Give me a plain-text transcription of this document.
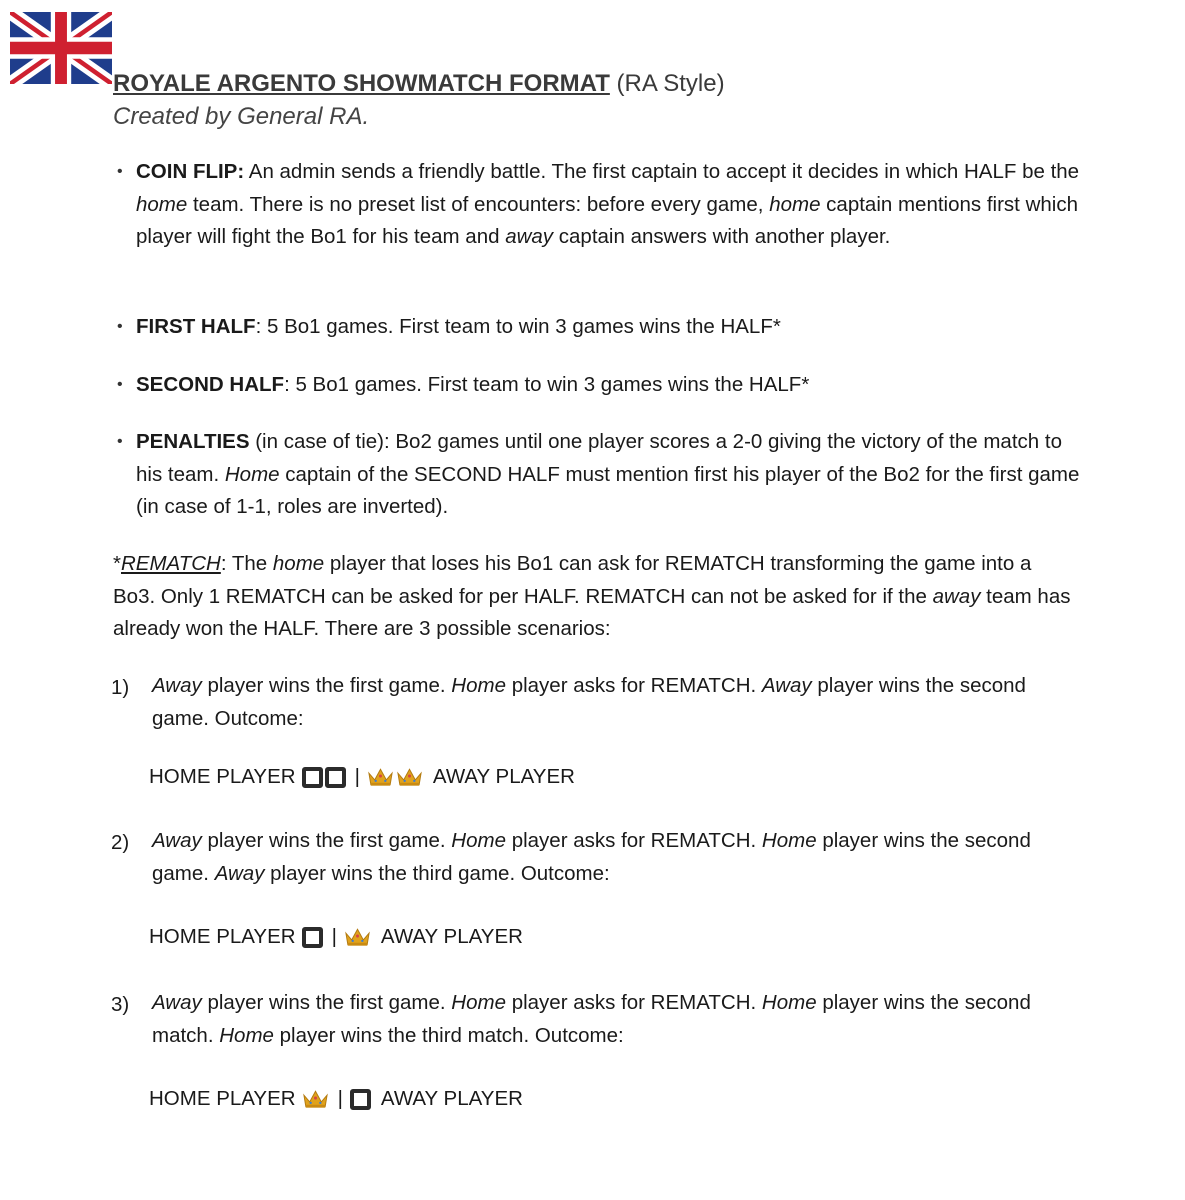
ROYALE ARGENTO SHOWMATCH FORMAT (RA Style)
Created by General RA.
• COIN FLIP: An admin sends a friendly battle. The first captain to accept it decides in which HALF be the home team. There is no preset list of encounters: before every game, home captain mentions first which player will fight the Bo1 for his team and away captain answers with another player.
• FIRST HALF: 5 Bo1 games. First team to win 3 games wins the HALF*
• SECOND HALF: 5 Bo1 games. First team to win 3 games wins the HALF*
• PENALTIES (in case of tie): Bo2 games until one player scores a 2-0 giving the victory of the match to his team. Home captain of the SECOND HALF must mention first his player of the Bo2 for the first game (in case of 1-1, roles are inverted).
*REMATCH: The home player that loses his Bo1 can ask for REMATCH transforming the game into a Bo3. Only 1 REMATCH can be asked for per HALF. REMATCH can not be asked for if the away team has already won the HALF. There are 3 possible scenarios:
1) Away player wins the first game. Home player asks for REMATCH. Away player wins the second game. Outcome:
HOME PLAYER	|	AWAY PLAYER
2) Away player wins the first game. Home player asks for REMATCH. Home player wins the second game. Away player wins the third game. Outcome:
HOME PLAYER | AWAY PLAYER
3) Away player wins the first game. Home player asks for REMATCH. Home player wins the second match. Home player wins the third match. Outcome:
HOME PLAYER | AWAY PLAYER
